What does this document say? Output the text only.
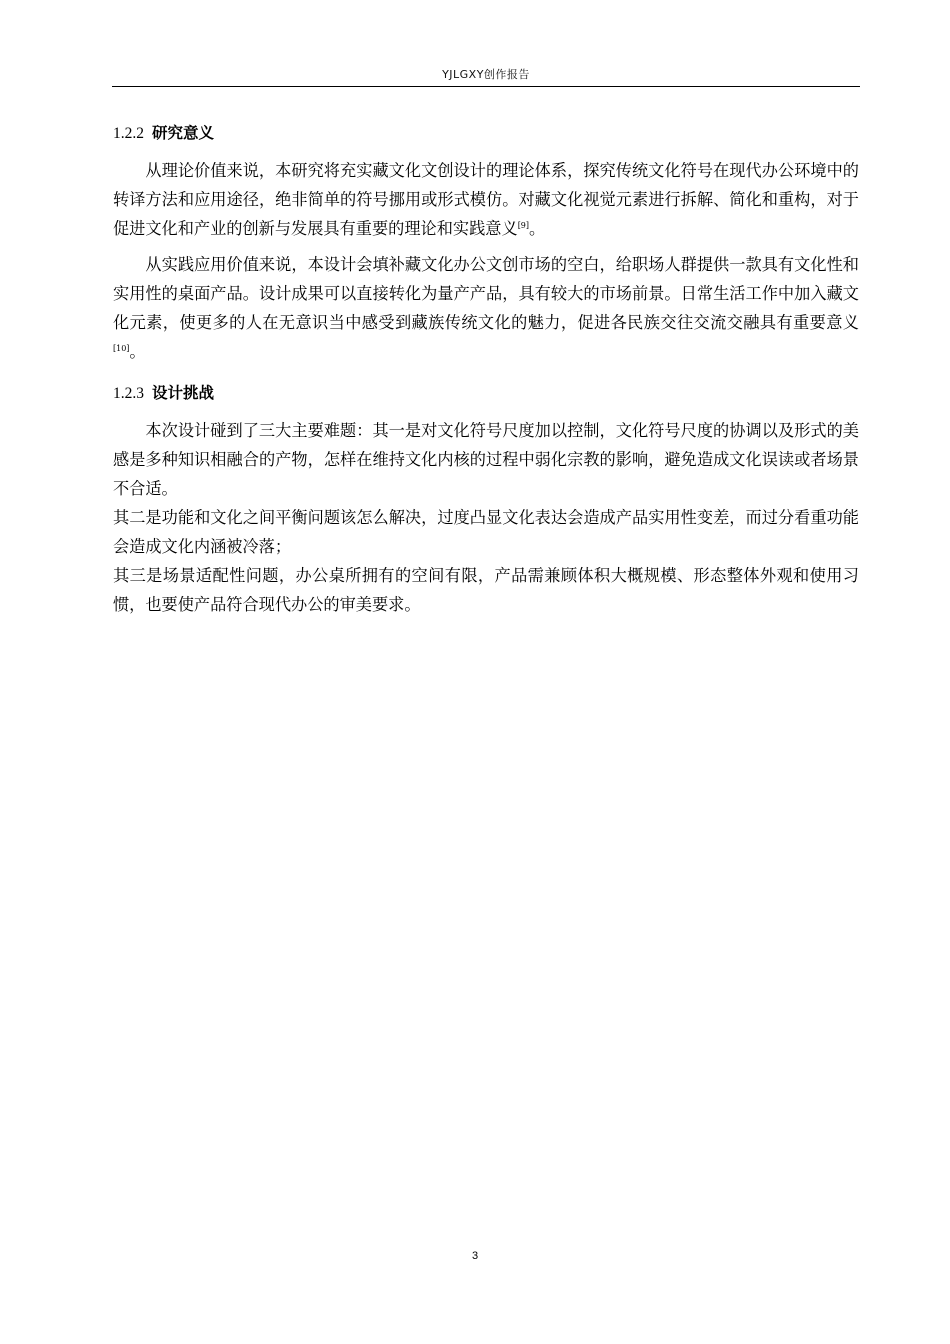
YJLGXY创作报告
1.2.2 研究意义

从理论价值来说，本研究将充实藏文化文创设计的理论体系，探究传统文化符号在现代办公环境中的转译方法和应用途径，绝非简单的符号挪用或形式模仿。对藏文化视觉元素进行拆解、简化和重构，对于促进文化和产业的创新与发展具有重要的理论和实践意义[9]。

从实践应用价值来说，本设计会填补藏文化办公文创市场的空白，给职场人群提供一款具有文化性和实用性的桌面产品。设计成果可以直接转化为量产产品，具有较大的市场前景。日常生活工作中加入藏文化元素，使更多的人在无意识当中感受到藏族传统文化的魅力，促进各民族交往交流交融具有重要意义[10]。

1.2.3 设计挑战

本次设计碰到了三大主要难题：其一是对文化符号尺度加以控制，文化符号尺度的协调以及形式的美感是多种知识相融合的产物，怎样在维持文化内核的过程中弱化宗教的影响，避免造成文化误读或者场景不合适。

其二是功能和文化之间平衡问题该怎么解决，过度凸显文化表达会造成产品实用性变差，而过分看重功能会造成文化内涵被冷落；

其三是场景适配性问题，办公桌所拥有的空间有限，产品需兼顾体积大概规模、形态整体外观和使用习惯，也要使产品符合现代办公的审美要求。

3
